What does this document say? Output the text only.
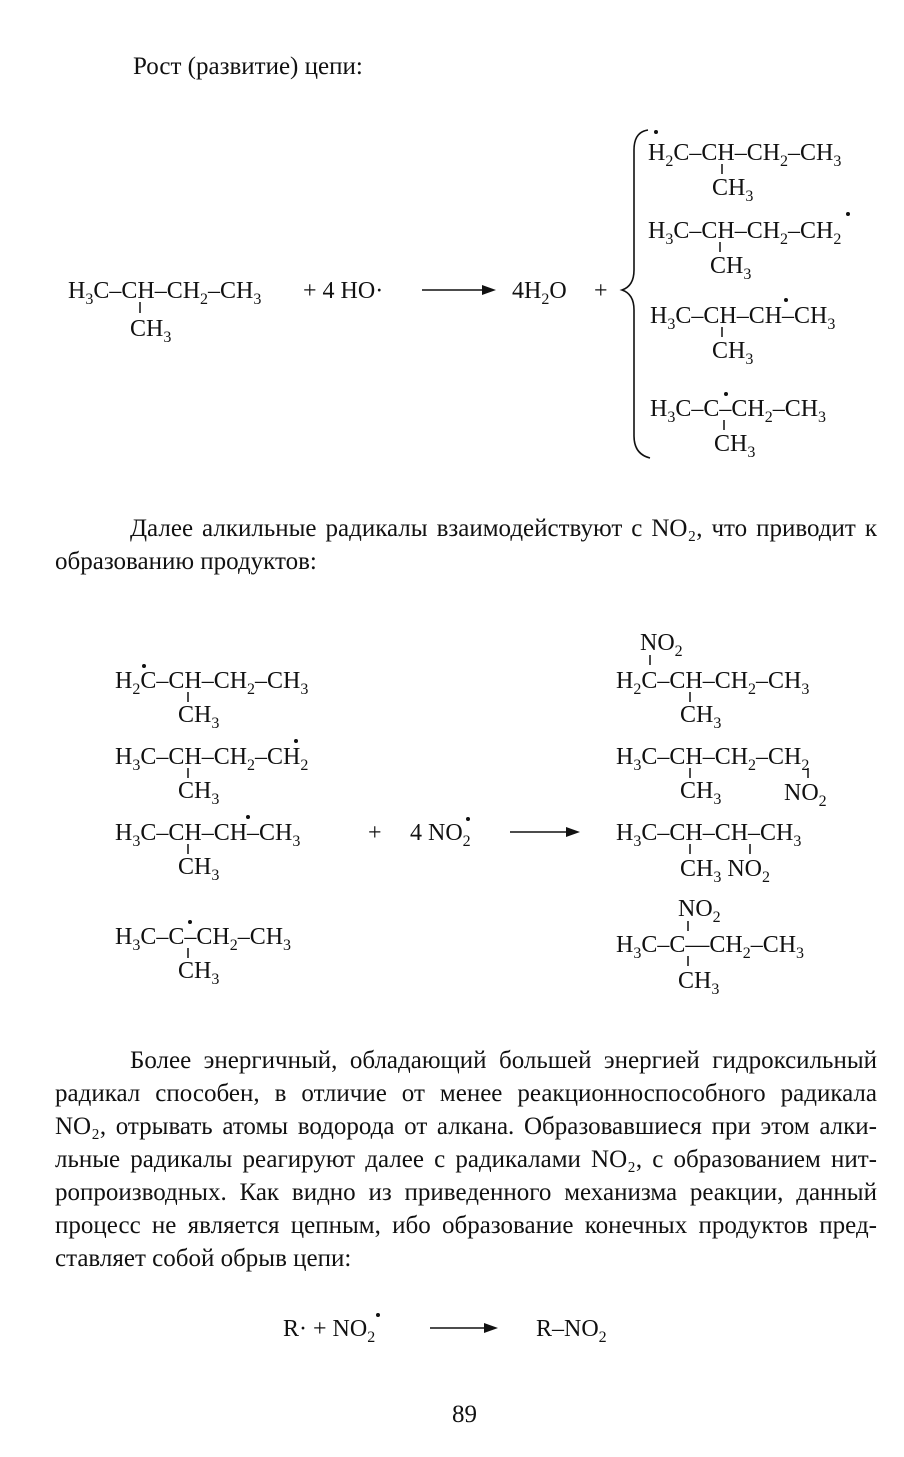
Рост (развитие) цепи:
$H_3C-CH-CH_2-CH_3$
$CH_3$
+ 4 HO·	$4H_2O$ +
$H_2C-CH-CH_2-CH_3$
$CH_3$
$H_3C-CH-CH_2-CH_2$
$CH_3$
$H_3C-CH-CH-CH_3$
$CH_3$
$H_3C-C-CH_2-CH_3$
$CH_3$
Далее алкильные радикалы взаимодействуют с NO₂, что приводит к
образованию продуктов:
$H_2C-CH-CH_2-CH_3$
$CH_3$
$H_3C-CH-CH_2-CH_2$
$CH_3$
$H_3C-CH-CH-CH_3$
$CH_3$
$H_3C-C-CH_2-CH_3$
$CH_3$
+ 4 $NO_2$
$NO_2$
$H_2C-CH-CH_2-CH_3$
$CH_3$
$H_3C-CH-CH_2-CH_2$
$CH_3$	$NO_2$
$H_3C-CH-CH-CH_3$
$CH_3$ $NO_2$
$NO_2$
$H_3C-C—CH_2-CH_3$
$CH_3$
Более энергичный, обладающий большей энергией гидроксильный
радикал способен, в отличие от менее реакционноспособного радикала
NO₂, отрывать атомы водорода от алкана. Образовавшиеся при этом алки-
льные радикалы реагируют далее с радикалами NO₂, с образованием нит-
ропроизводных. Как видно из приведенного механизма реакции, данный
процесс не является цепным, ибо образование конечных продуктов пред-
ставляет собой обрыв цепи:
$R\cdot + NO_2$	$R-NO_2$
89
